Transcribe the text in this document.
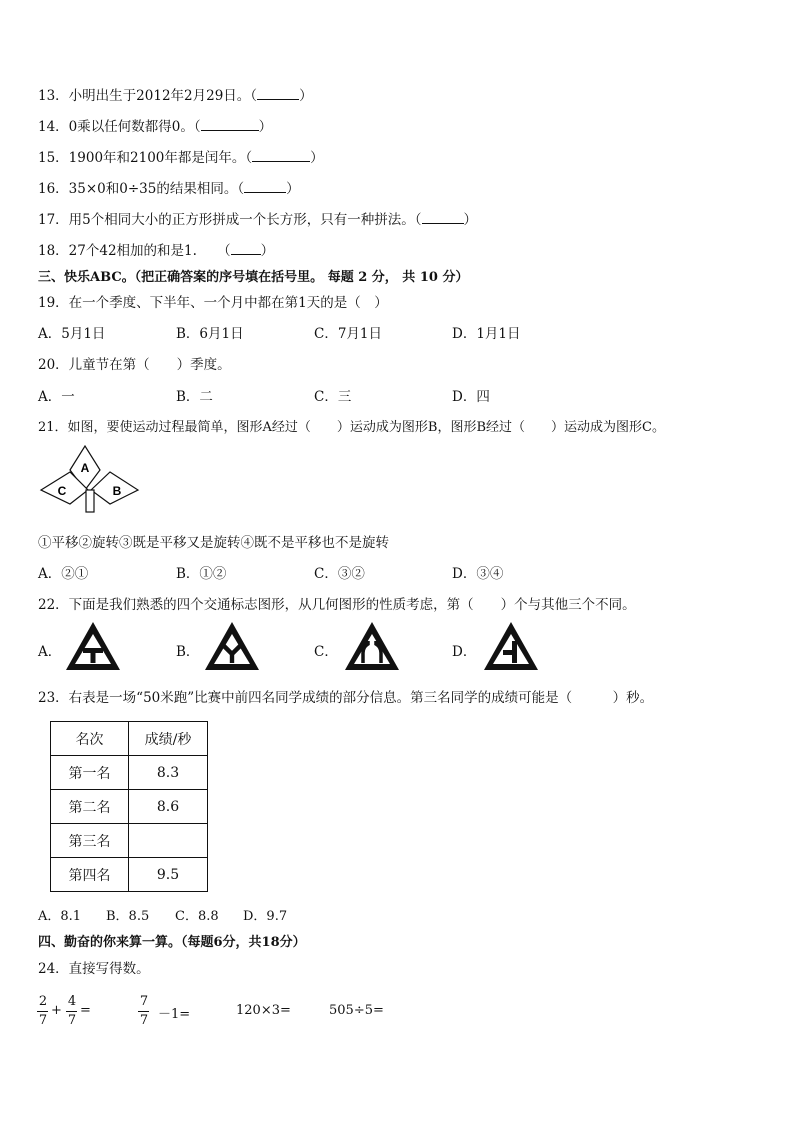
13．小明出生于2012年2月29日。（	）
14．0乘以任何数都得0。（	）
15．1900年和2100年都是闰年。（	）
16．35×0和0÷35的结果相同。（	）
17．用5个相同大小的正方形拼成一个长方形，只有一种拼法。（	）
18．27个42相加的和是1.　　（ ）
三、快乐ABC。（把正确答案的序号填在括号里。 每题 2 分， 共 10 分）
19．在一个季度、下半年、一个月中都在第1天的是（　）
A．5月1日	B．6月1日	C．7月1日	D．1月1日
20．儿童节在第（　　）季度。
A．一	B．二	C．三	D．四
21．如图，要使运动过程最简单，图形A经过（　　）运动成为图形B，图形B经过（　　）运动成为图形C。
A
C	B
①平移②旋转③既是平移又是旋转④既不是平移也不是旋转
A．②①	B．①②	C．③②	D．③④
22．下面是我们熟悉的四个交通标志图形，从几何图形的性质考虑，第（　　）个与其他三个不同。
A．	B．	C．	D．
23．右表是一场“50米跑”比赛中前四名同学成绩的部分信息。第三名同学的成绩可能是（　　　）秒。
名次	成绩/秒
第一名	8.3
第二名	8.6
第三名	
第四名	9.5
A．8.1 B．8.5 C．8.8 D．9.7
四、勤奋的你来算一算。（每题6分，共18分）
24．直接写得数。
2
7
+
4
7
=
7
7 －1=	120×3=	505÷5=
